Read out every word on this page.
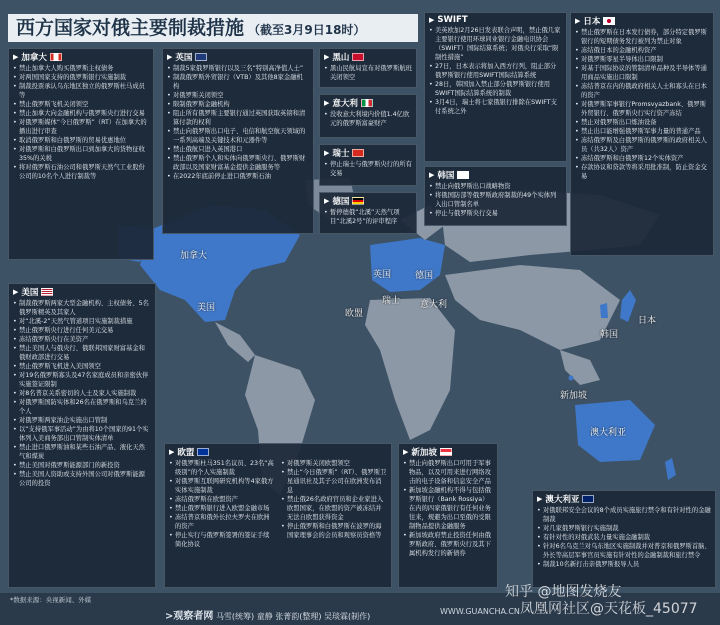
西方国家对俄主要制裁措施 （截至3月9日18时）
加拿大
美国
英国	德国
瑞士
欧盟
意大利
韩国
日本
新加坡
澳大利亚
▶ 加拿大
• 禁止加拿大人购买俄罗斯主权债务
• 对两国国家支持的俄罗斯银行实施制裁
• 制裁投票承认乌东地区独立的俄罗斯杜马成员等
• 禁止俄罗斯飞机关闭领空
• 禁止加拿大向金融机构与俄罗斯央行进行交易
• 对俄罗斯媒体“今日俄罗斯”（RT）在加拿大的播出进行审查
• 取消俄罗斯和白俄罗斯的贸易优惠地位
• 对俄罗斯和白俄罗斯出口到加拿大的货物征收35%的关税
• 将对俄罗斯石油公司和俄罗斯天然气工业股份公司的10名个人进行制裁等
▶ 英国
• 制裁5家俄罗斯银行以及三名“特别高净值人士”
• 制裁俄罗斯外贸银行（VTB）及其他8家金融机构
• 对俄罗斯关闭领空
• 限制俄罗斯金融机构
• 阻止所有俄罗斯主要银行通过英国获取英镑和清算付款的权利
• 禁止向俄罗斯出口电子、电信和航空航天领域的一系列高端及关键技术和元器件等
• 禁止俄航只进入英国港口
• 禁止俄罗斯个人和实体向俄罗斯央行、俄罗斯财政部以及国家财富基金提供金融服务等
• 在2022年底前停止进口俄罗斯石油
▶ 黑山
• 黑山民航局宣布对俄罗斯航班关闭领空
▶ 意大利
• 没收意大利境内价值1.4亿欧元的俄罗斯富豪财产
▶ 瑞士
• 停止瑞士与俄罗斯央行的所有交易
▶ 德国
• 暂停德俄“北溪”天然气项目“北溪2号”的评审程序
▶ SWIFT
• 美英欧加2月26日发表联合声明，禁止俄几家主要银行使用环球同业银行金融电讯协会（SWIFT）国际结算系统；对俄央行采取“限制性措施”
• 27日，日本表示将加入西方行列，阻止部分俄罗斯银行使用SWIFT国际结算系统
• 28日，韩国加入禁止部分俄罗斯银行使用SWIFT国际结算系统的制裁
• 3月4日，瑞士将七家俄银行排除在SWIFT支付系统之外
▶ 韩国
• 禁止向俄罗斯出口战略物资
• 将俄国防部等俄罗斯政府制裁的49个实体列入出口管制名单
• 停止与俄罗斯央行交易
▶ 日本
• 禁止俄罗斯在日本发行债券，部分特定俄罗斯银行的短期债务发行被列为禁止对象
• 冻结俄日本的金融机构资产
• 对俄罗斯零星半导体出口限制
• 对基于国际协议的管制清单品种及半导体等通用商品实施出口限制
• 冻结普京在内的俄政府相关人士和寡头在日本的资产
• 对俄罗斯军事银行Promsvyazbank、俄罗斯外贸银行、俄罗斯央行实行资产冻结
• 禁止对俄罗斯出口炼油设备
• 禁止出口能增强俄罗斯军事力量的普通产品
• 冻结俄罗斯及白俄罗斯的俄罗斯的政府相关人员（共32人）资产
• 冻结俄罗斯和白俄罗斯12个实体资产
• 存款协议和贷款等将采用批准制，防止资金交易
▶ 美国
• 制裁俄罗斯两家大型金融机构、主权债务、5名俄罗斯精英及其家人
• 对“北溪-2”天然气管道项目实施制裁措施
• 禁止俄罗斯央行进行任何美元交易
• 冻结俄罗斯央行在美资产
• 禁止美国人与俄央行、俄联邦国家财富基金和俄财政部进行交易
• 禁止俄罗斯飞机进入美国领空
• 对19名俄罗斯寡头及47名家庭成员和亲密伙伴实施签证限制
• 对8名普京关系密切的人士及家人实施制裁
• 对俄罗斯国防实体和26名在俄罗斯和乌克兰的个人
• 对俄罗斯两家油企实施出口管制
• 以“支持俄军事活动”为由将10个国家的91个实体列入美商务部出口管制实体清单
• 禁止进口俄罗斯油和某些石油产品、液化天然气和煤炭
• 禁止美国对俄罗斯能源部门的新投资
• 禁止美国人资助或支持外国公司对俄罗斯能源公司的投资
▶ 欧盟
• 对俄罗斯杜马351名议员、23名“高级别”的个人实施制裁
• 对俄罗斯互联网研究机构等4家俄方实体实施制裁
• 冻结俄罗斯在欧盟资产
• 禁止俄罗斯银行进入欧盟金融市场
• 冻结普京和俄外长拉夫罗夫在欧洲的资产
• 停止实行与俄罗斯签署的签证手续简化协议
• 对俄罗斯关闭欧盟领空
• 禁止“今日俄罗斯”（RT）、俄罗斯卫星通讯社及其子公司在欧洲发布消息
• 禁止俄26名政府官员和企业家进入欧盟国家，在欧盟的资产被冻结并无法自欧盟获得资金
• 停止俄罗斯和白俄罗斯在波罗的海国家理事会的会员和观察员资格等
▶ 新加坡
• 禁止向俄罗斯出口可用于军事物品，以及可用来进行网络攻击的电子设备和信息安全产品
• 新加坡金融机构不得与包括俄罗斯银行（Bank Rossiya）在内的四家俄银行有任何业务往来，规避为出口至俄的受限制物品提供金融服务
• 新加坡政府禁止投资任何由俄罗斯政府、俄罗斯央行及其下属机构发行的新债券
▶ 澳大利亚
• 对俄联邦安全会议的8个成员实施旅行禁令和有针对性的金融制裁
• 对几家俄罗斯银行实施制裁
• 有针对性的对俄武装力量实施金融制裁
• 针对6名乌克兰对乌东地区实施制裁并对普京和俄罗斯首脑、外长等高层军事官员实施有针对性的金融制裁和旅行禁令
• 制裁10名新打击亲俄罗斯报导人员
*数据来源：央视新闻、外媒
>观察者网 马雪(统筹) 童静 张菁韵(整理) 吴琰霖(制作)
WWW.GUANCHA.CN
知乎 @地图发烧友
凤凰网社区@天花板_45077
